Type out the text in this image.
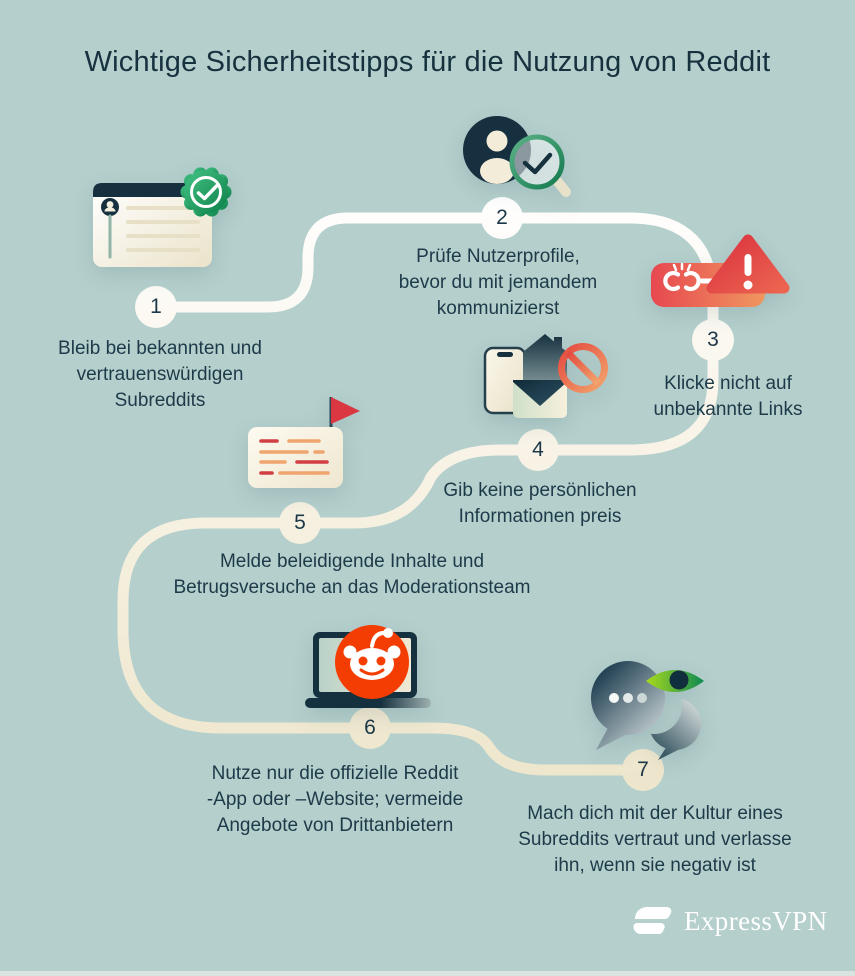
Wichtige Sicherheitstipps für die Nutzung von Reddit
1
2
3
4
5
6
7
Bleib bei bekannten und
vertrauenswürdigen
Subreddits
Prüfe Nutzerprofile,
bevor du mit jemandem
kommunizierst
Klicke nicht auf
unbekannte Links
Gib keine persönlichen
Informationen preis
Melde beleidigende Inhalte und
Betrugsversuche an das Moderationsteam
Nutze nur die offizielle Reddit
-App oder –Website; vermeide
Angebote von Drittanbietern
Mach dich mit der Kultur eines
Subreddits vertraut und verlasse
ihn, wenn sie negativ ist
ExpressVPN
